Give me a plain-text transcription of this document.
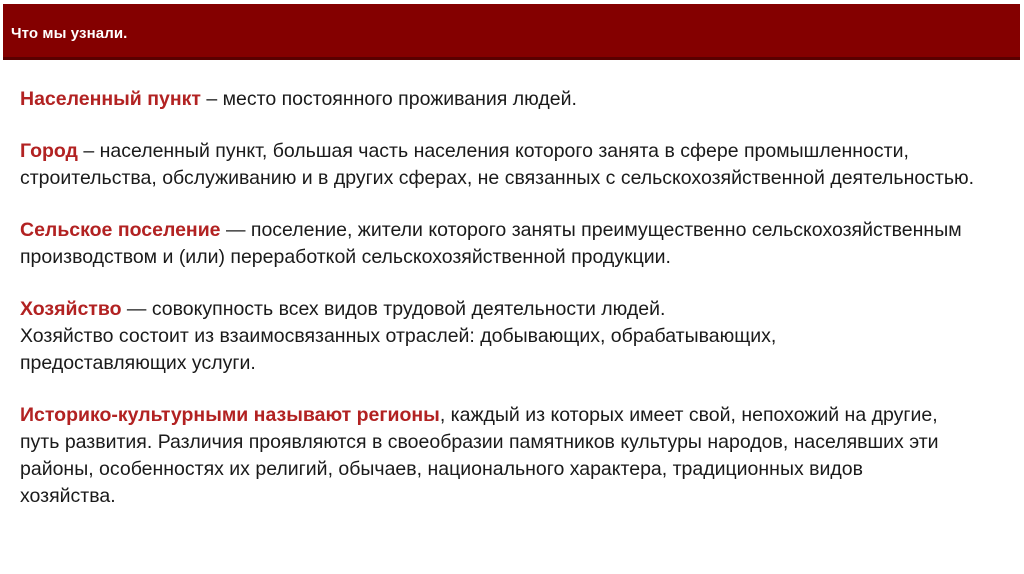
Что мы узнали.

Населенный пункт – место постоянного проживания людей.

Город – населенный пункт, большая часть населения которого занята в сфере промышленности, строительства, обслуживанию и в других сферах, не связанных с сельскохозяйственной деятельностью.

Сельское поселение — поселение, жители которого заняты преимущественно сельскохозяйственным производством и (или) переработкой сельскохозяйственной продукции.

Хозяйство — совокупность всех видов трудовой деятельности людей.
Хозяйство состоит из взаимосвязанных отраслей: добывающих, обрабатывающих, предоставляющих услуги.

Историко-культурными называют регионы, каждый из которых имеет свой, непохожий на другие, путь развития. Различия проявляются в своеобразии памятников культуры народов, населявших эти районы, особенностях их религий, обычаев, национального характера, традиционных видов хозяйства.
